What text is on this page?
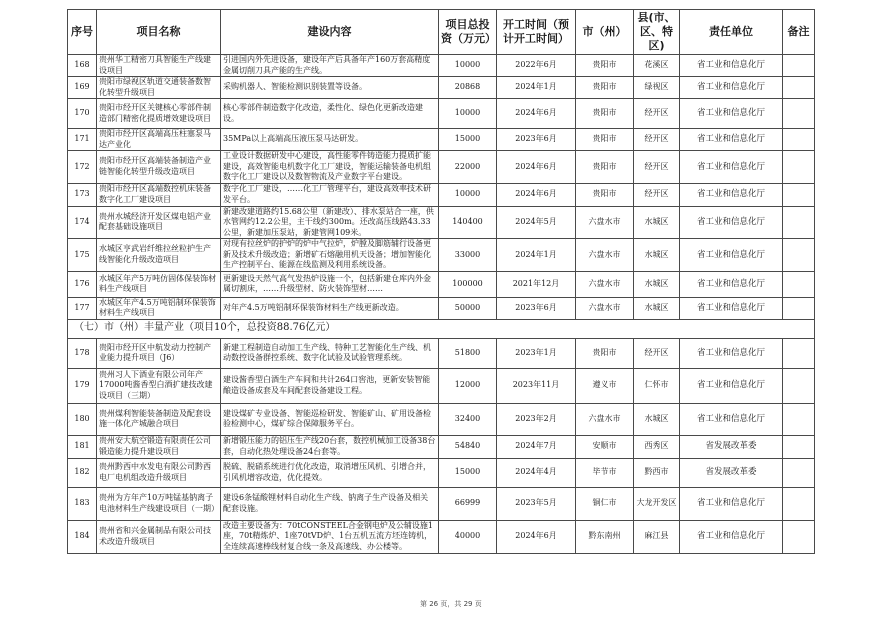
序号	项目名称	建设内容	项目总投资（万元）	开工时间（预计开工时间）	市（州）	县(市、区、特区)	责任单位	备注
168	贵州华工精密刀具智能生产线建设项目	引进国内外先进设备，建设年产后具备年产160万套高精度金属切削刀具产能的生产线。	10000	2022年6月	贵阳市	花溪区	省工业和信息化厅	
169	贵阳市绿视区轨道交通装备数智化转型升级项目	采购机器人、智能检测识别装置等设备。	20868	2024年1月	贵阳市	绿视区	省工业和信息化厅	
170	贵阳市经开区关键核心零部件制造部门精密化提质增效建设项目	核心零部件制造数字化改造，柔性化、绿色化更新改造建设。	10000	2024年6月	贵阳市	经开区	省工业和信息化厅	
171	贵阳市经开区高端高压柱塞泵马达产业化	35MPa以上高端高压液压泵马达研发。	15000	2023年6月	贵阳市	经开区	省工业和信息化厅	
172	贵阳市经开区高端装备制造产业链智能化转型升级改造项目	工业设计数据研发中心建设，高性能零件铸造能力提质扩能建设，高效智能电机数字化工厂建设，智能运输装备电机组数字化工厂建设以及数智物流及产业数字平台建设。	22000	2024年6月	贵阳市	经开区	省工业和信息化厅	
173	贵阳市经开区高端数控机床装备数字化工厂建设项目	数字化工厂建设，……化工厂管理平台，建设高效率技术研发平台。	10000	2024年6月	贵阳市	经开区	省工业和信息化厅	
174	贵州水城经济开发区煤电铝产业配套基础设施项目	新建改建道路约15.68公里（新建改）、排水泵站合一座，供水管网约12.2公里，主干线约300m。还改高压线路43.33公里，新建加压泵站，新建管网109米。	140400	2024年5月	六盘水市	水城区	省工业和信息化厅	
175	水城区亨武岩纤维拉丝粒护生产线智能化升级改造项目	对现有拉丝炉的护炉的炉中气拉炉，炉膛及脚筋辅行设备更新及技术升级改造；新增矿石熔融用机天设备；增加智能化生产控制平台、能源在线监测及利用系统设备。	33000	2024年1月	六盘水市	水城区	省工业和信息化厅	
176	水城区年产5万吨仿固体保装饰材料生产线项目	更新建设天然气高气发热炉设施一个，包括新建仓库内外金属切割床，……升级型材、防火装饰型材……	100000	2021年12月	六盘水市	水城区	省工业和信息化厅	
177	水城区年产4.5万吨铝制环保装饰材料生产线项目	对年产4.5万吨铝制环保装饰材料生产线更新改造。	50000	2023年6月	六盘水市	水城区	省工业和信息化厅	
（七）市（州）丰量产业（项目10个，总投资88.76亿元）								
178	贵阳市经开区中航发动力控制产业能力提升项目（J6）	新建工程制造自动加工生产线、特种工艺智能化生产线、机动数控设备群控系统、数字化试验及试验管理系统。	51800	2023年1月	贵阳市	经开区	省工业和信息化厅	
179	贵州习人下酒业有限公司年产17000吨酱香型白酒扩建技改建设项目（三期）	建设酱香型白酒生产车间和共计264口窖池，更新安装智能酿造设备成套及车间配套设备建设工程。	12000	2023年11月	遵义市	仁怀市	省工业和信息化厅	
180	贵州煤利智能装备制造及配套设施一体化产城融合项目	建设煤矿专业设备、智能巡检研发、智能矿山、矿用设备检验检测中心，煤矿综合保障服务平台。	32400	2023年2月	六盘水市	水城区	省工业和信息化厅	
181	贵州安大航空锻造有限责任公司锻造能力提升建设项目	新增锻压能力的铝压生产线20台套，数控机械加工设备38台套，自动化热处理设备24台套等。	54840	2024年7月	安顺市	西秀区	省发展改革委	
182	贵州黔西中水发电有限公司黔西电厂电机组改造升级项目	脱硫、脱硝系统进行优化改造，取消增压风机、引增合并，引风机增容改造，优化提效。	15000	2024年4月	毕节市	黔西市	省发展改革委	
183	贵州为方年产10万吨锰基钠离子电池材料生产线建设项目（一期）	建设6条锰酸锂材料自动化生产线、钠离子生产设备及相关配套设施。	66999	2023年5月	铜仁市	大龙开发区	省工业和信息化厅	
184	贵州省和兴金属制品有限公司技术改造升级项目	改造主要设备为：70tCONSTEEL合金钢电炉及公辅设施1座，70t精炼炉、1座70tVD炉、1台五机五流方坯连铸机，全连续高速棒线材复合线一条及高速线、办公楼等。	40000	2024年6月	黔东南州	麻江县	省工业和信息化厅	
第 26 页，共 29 页
